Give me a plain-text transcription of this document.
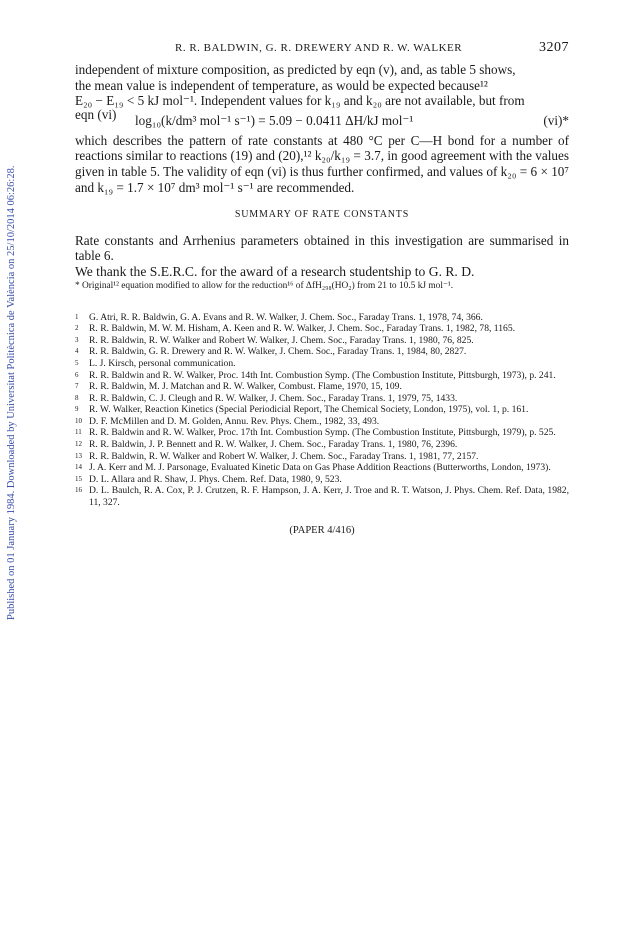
Published on 01 January 1984. Downloaded by Universitat Politècnica de València on 25/10/2014 06:26:28.
R. R. BALDWIN, G. R. DREWERY AND R. W. WALKER	3207
independent of mixture composition, as predicted by eqn (v), and, as table 5 shows,
the mean value is independent of temperature, as would be expected because¹²
E₂₀ − E₁₉ < 5 kJ mol⁻¹. Independent values for k₁₉ and k₂₀ are not available, but from
eqn (vi) log₁₀(k/dm³ mol⁻¹ s⁻¹) = 5.09 − 0.0411 ΔH/kJ mol⁻¹	(vi)*

which describes the pattern of rate constants at 480 °C per C—H bond for a number of reactions similar to reactions (19) and (20),¹² k₂₀/k₁₉ = 3.7, in good agreement with the values given in table 5. The validity of eqn (vi) is thus further confirmed, and values of k₂₀ = 6 × 10⁷ and k₁₉ = 1.7 × 10⁷ dm³ mol⁻¹ s⁻¹ are recommended.

SUMMARY OF RATE CONSTANTS

Rate constants and Arrhenius parameters obtained in this investigation are summarised in table 6.

We thank the S.E.R.C. for the award of a research studentship to G. R. D.

* Original¹² equation modified to allow for the reduction¹⁶ of ΔfH₂₉₈(HO₂) from 21 to 10.5 kJ mol⁻¹.

1 G. Atri, R. R. Baldwin, G. A. Evans and R. W. Walker, J. Chem. Soc., Faraday Trans. 1, 1978, 74, 366.
2 R. R. Baldwin, M. W. M. Hisham, A. Keen and R. W. Walker, J. Chem. Soc., Faraday Trans. 1, 1982, 78, 1165.
3 R. R. Baldwin, R. W. Walker and Robert W. Walker, J. Chem. Soc., Faraday Trans. 1, 1980, 76, 825.
4 R. R. Baldwin, G. R. Drewery and R. W. Walker, J. Chem. Soc., Faraday Trans. 1, 1984, 80, 2827.
5 L. J. Kirsch, personal communication.
6 R. R. Baldwin and R. W. Walker, Proc. 14th Int. Combustion Symp. (The Combustion Institute, Pittsburgh, 1973), p. 241.
7 R. R. Baldwin, M. J. Matchan and R. W. Walker, Combust. Flame, 1970, 15, 109.
8 R. R. Baldwin, C. J. Cleugh and R. W. Walker, J. Chem. Soc., Faraday Trans. 1, 1979, 75, 1433.
9 R. W. Walker, Reaction Kinetics (Special Periodicial Report, The Chemical Society, London, 1975), vol. 1, p. 161.
10 D. F. McMillen and D. M. Golden, Annu. Rev. Phys. Chem., 1982, 33, 493.
11 R. R. Baldwin and R. W. Walker, Proc. 17th Int. Combustion Symp. (The Combustion Institute, Pittsburgh, 1979), p. 525.
12 R. R. Baldwin, J. P. Bennett and R. W. Walker, J. Chem. Soc., Faraday Trans. 1, 1980, 76, 2396.
13 R. R. Baldwin, R. W. Walker and Robert W. Walker, J. Chem. Soc., Faraday Trans. 1, 1981, 77, 2157.
14 J. A. Kerr and M. J. Parsonage, Evaluated Kinetic Data on Gas Phase Addition Reactions (Butterworths, London, 1973).
15 D. L. Allara and R. Shaw, J. Phys. Chem. Ref. Data, 1980, 9, 523.
16 D. L. Baulch, R. A. Cox, P. J. Crutzen, R. F. Hampson, J. A. Kerr, J. Troe and R. T. Watson, J. Phys. Chem. Ref. Data, 1982, 11, 327.
(PAPER 4/416)
